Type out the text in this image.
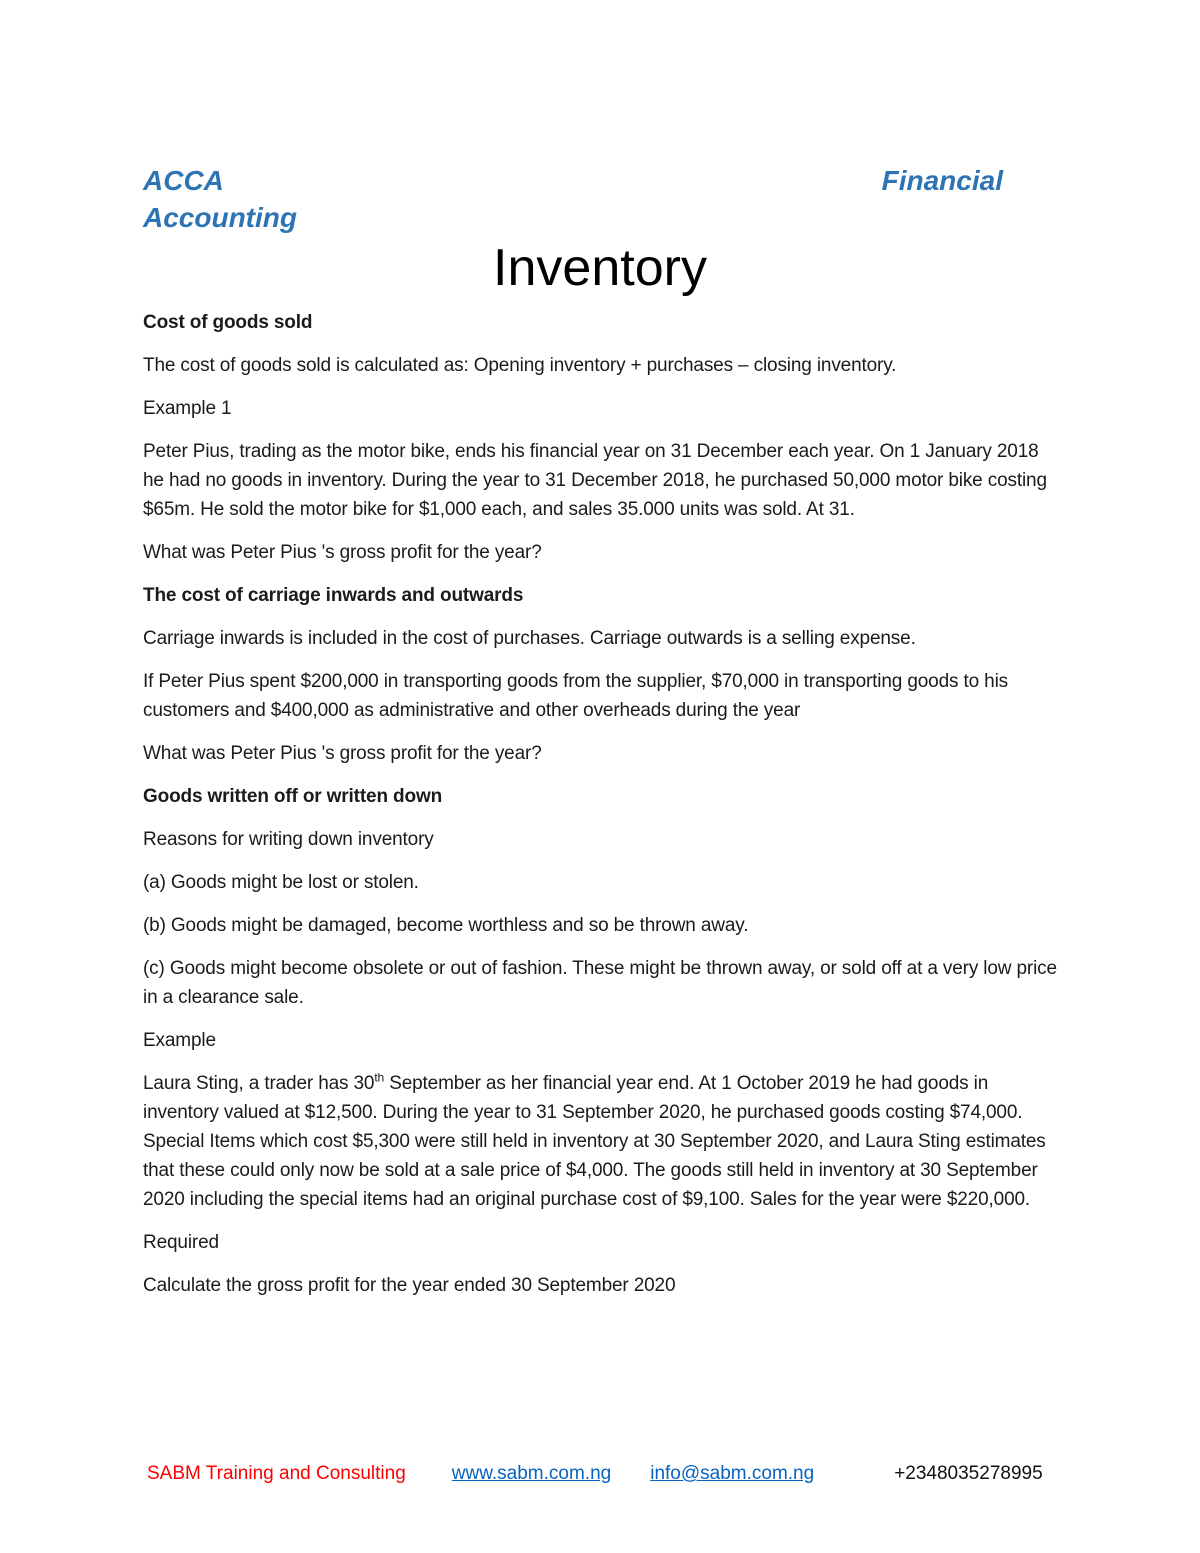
ACCA	Financial
Accounting
Inventory

Cost of goods sold

The cost of goods sold is calculated as: Opening inventory + purchases – closing inventory.

Example 1

Peter Pius, trading as the motor bike, ends his financial year on 31 December each year. On 1 January 2018 he had no goods in inventory. During the year to 31 December 2018, he purchased 50,000 motor bike costing $65m. He sold the motor bike for $1,000 each, and sales 35.000 units was sold. At 31.

What was Peter Pius 's gross profit for the year?

The cost of carriage inwards and outwards

Carriage inwards is included in the cost of purchases. Carriage outwards is a selling expense.

If Peter Pius spent $200,000 in transporting goods from the supplier, $70,000 in transporting goods to his customers and $400,000 as administrative and other overheads during the year

What was Peter Pius 's gross profit for the year?

Goods written off or written down

Reasons for writing down inventory

(a) Goods might be lost or stolen.

(b) Goods might be damaged, become worthless and so be thrown away.

(c) Goods might become obsolete or out of fashion. These might be thrown away, or sold off at a very low price in a clearance sale.

Example

Laura Sting, a trader has 30th September as her financial year end. At 1 October 2019 he had goods in inventory valued at $12,500. During the year to 31 September 2020, he purchased goods costing $74,000. Special Items which cost $5,300 were still held in inventory at 30 September 2020, and Laura Sting estimates that these could only now be sold at a sale price of $4,000. The goods still held in inventory at 30 September 2020 including the special items had an original purchase cost of $9,100. Sales for the year were $220,000.

Required

Calculate the gross profit for the year ended 30 September 2020

SABM Training and Consulting www.sabm.com.ng info@sabm.com.ng	+2348035278995
